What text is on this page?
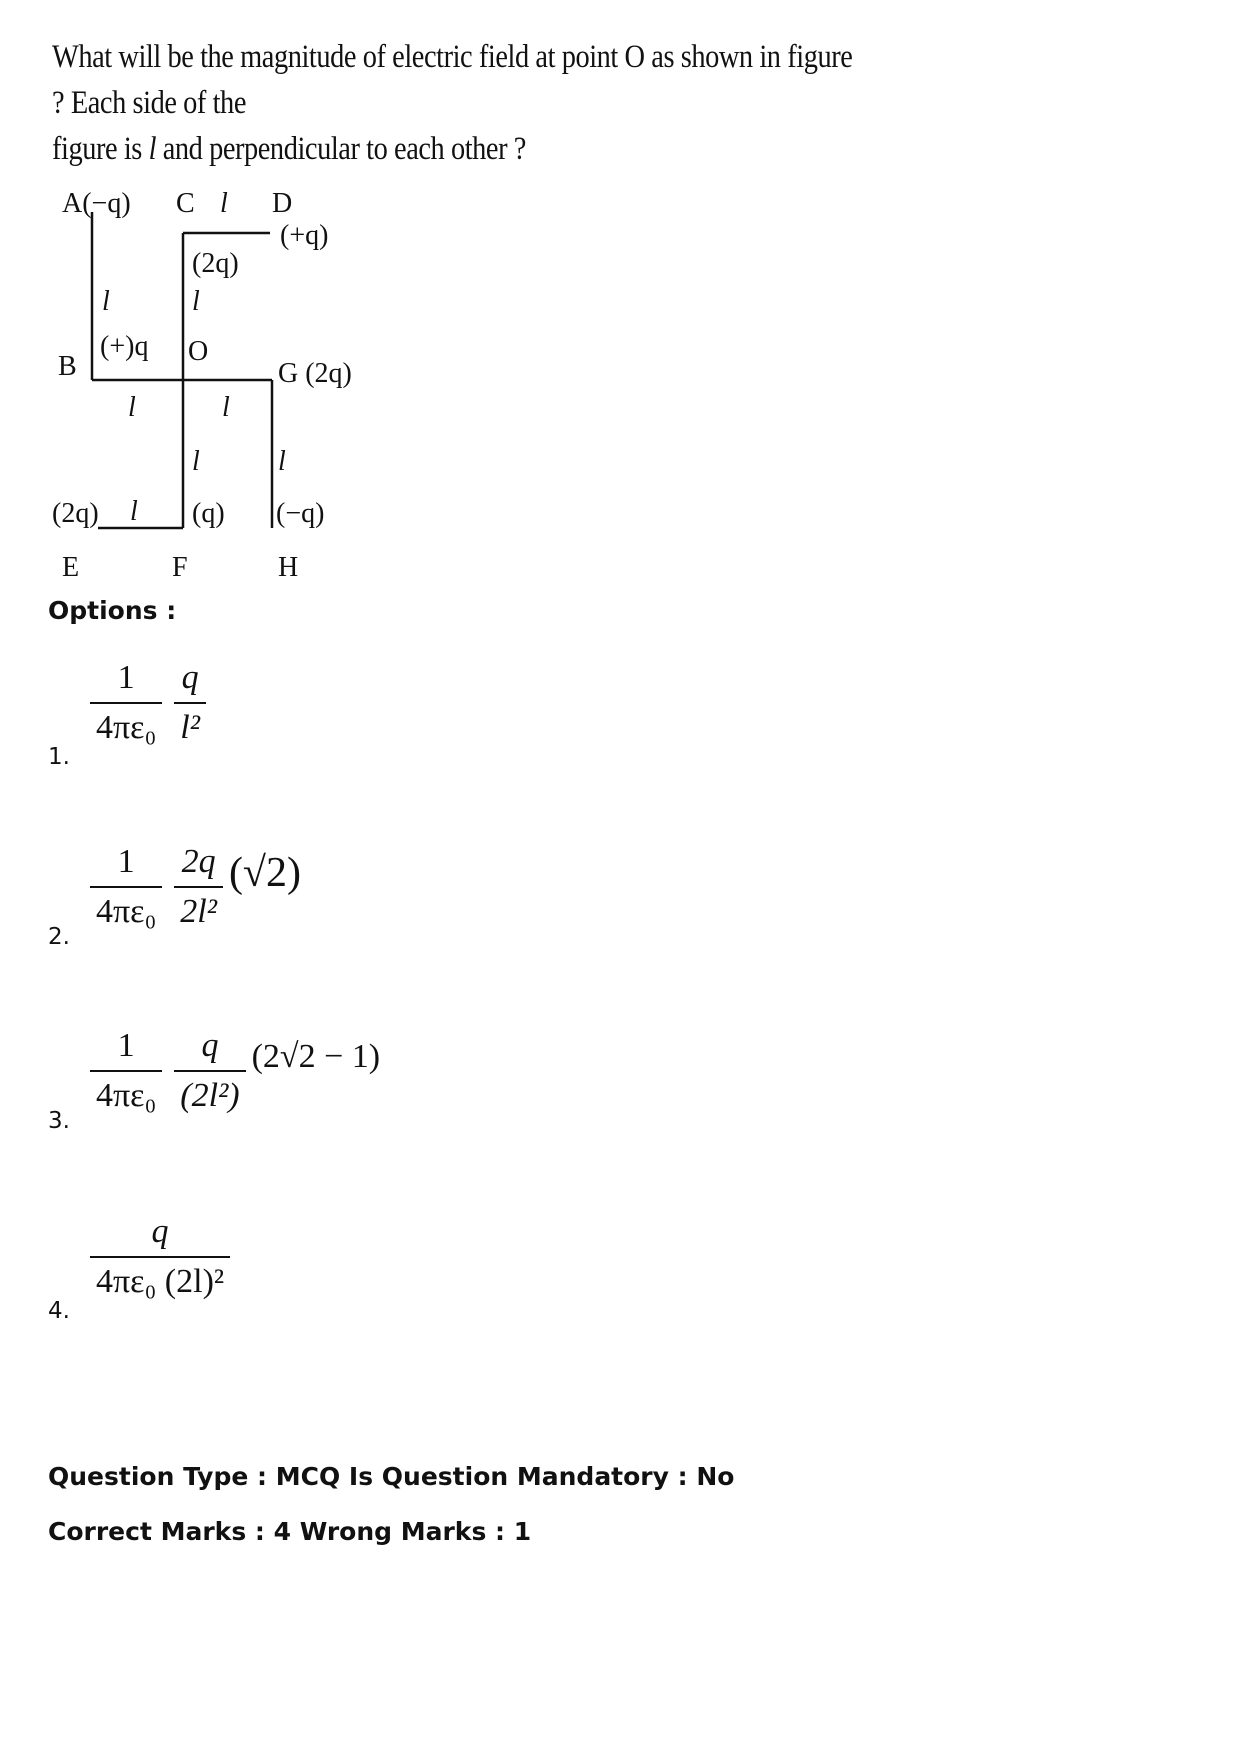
What will be the magnitude of electric field at point O as shown in figure ? Each side of the
figure is l and perpendicular to each other ?
A(−q) C l D
(+q)
(2q)
l
l
(+)q O
B	G (2q)
l	l
l	l
(2q) l (q) (−q)
E	F	H
Options :
1.
$\frac{1}{\text{4πε₀}} \frac{q}{\text{l²}}$
2.
$\frac{1}{\text{4πε₀}} \frac{2q}{\text{2l²}} (√2)$
3.
$\frac{1}{\text{4πε₀}} \frac{q}{\text{(2l²)}} (2√2 - 1)$
4.
$\frac{q}{\text{4πε₀ (2l)²}}$
Question Type : MCQ Is Question Mandatory : No
Correct Marks : 4 Wrong Marks : 1
